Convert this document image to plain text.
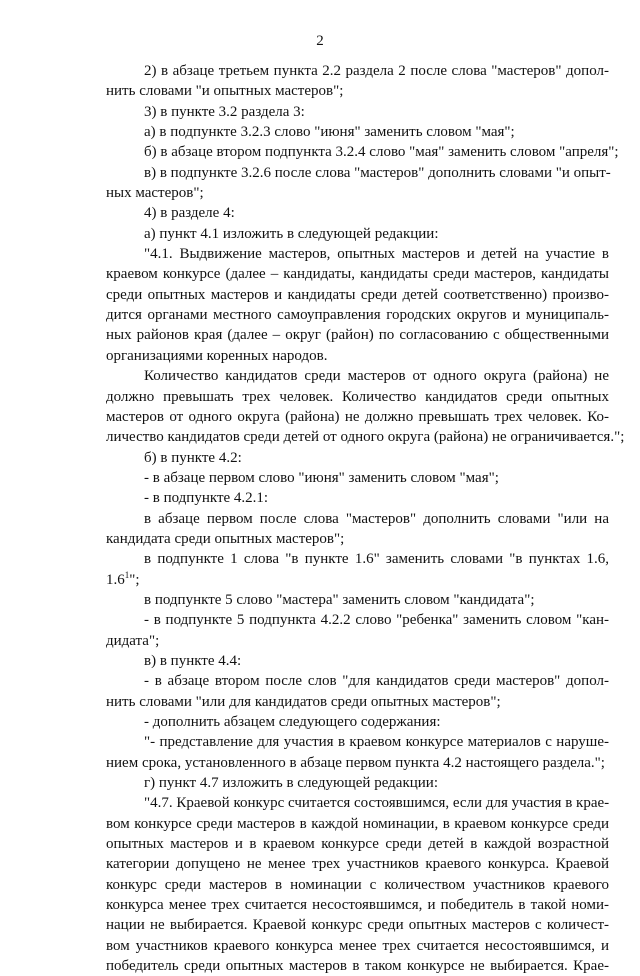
2
2) в абзаце третьем пункта 2.2 раздела 2 после слова "мастеров" допол-
нить словами "и опытных мастеров";
3) в пункте 3.2 раздела 3:
а) в подпункте 3.2.3 слово "июня" заменить словом "мая";
б) в абзаце втором подпункта 3.2.4 слово "мая" заменить словом "апреля";
в) в подпункте 3.2.6 после слова "мастеров" дополнить словами "и опыт-
ных мастеров";
4) в разделе 4:
а) пункт 4.1 изложить в следующей редакции:
"4.1. Выдвижение мастеров, опытных мастеров и детей на участие в
краевом конкурсе (далее – кандидаты, кандидаты среди мастеров, кандидаты
среди опытных мастеров и кандидаты среди детей соответственно) произво-
дится органами местного самоуправления городских округов и муниципаль-
ных районов края (далее – округ (район) по согласованию с общественными
организациями коренных народов.
Количество кандидатов среди мастеров от одного округа (района) не
должно превышать трех человек. Количество кандидатов среди опытных
мастеров от одного округа (района) не должно превышать трех человек. Ко-
личество кандидатов среди детей от одного округа (района) не ограничивается.";
б) в пункте 4.2:
- в абзаце первом слово "июня" заменить словом "мая";
- в подпункте 4.2.1:
в абзаце первом после слова "мастеров" дополнить словами "или на
кандидата среди опытных мастеров";
в подпункте 1 слова "в пункте 1.6" заменить словами "в пунктах 1.6,
$1.6^1$";
в подпункте 5 слово "мастера" заменить словом "кандидата";
- в подпункте 5 подпункта 4.2.2 слово "ребенка" заменить словом "кан-
дидата";
в) в пункте 4.4:
- в абзаце втором после слов "для кандидатов среди мастеров" допол-
нить словами "или для кандидатов среди опытных мастеров";
- дополнить абзацем следующего содержания:
"- представление для участия в краевом конкурсе материалов с наруше-
нием срока, установленного в абзаце первом пункта 4.2 настоящего раздела.";
г) пункт 4.7 изложить в следующей редакции:
"4.7. Краевой конкурс считается состоявшимся, если для участия в крае-
вом конкурсе среди мастеров в каждой номинации, в краевом конкурсе среди
опытных мастеров и в краевом конкурсе среди детей в каждой возрастной
категории допущено не менее трех участников краевого конкурса. Краевой
конкурс среди мастеров в номинации с количеством участников краевого
конкурса менее трех считается несостоявшимся, и победитель в такой номи-
нации не выбирается. Краевой конкурс среди опытных мастеров с количест-
вом участников краевого конкурса менее трех считается несостоявшимся, и
победитель среди опытных мастеров в таком конкурсе не выбирается. Крае-
